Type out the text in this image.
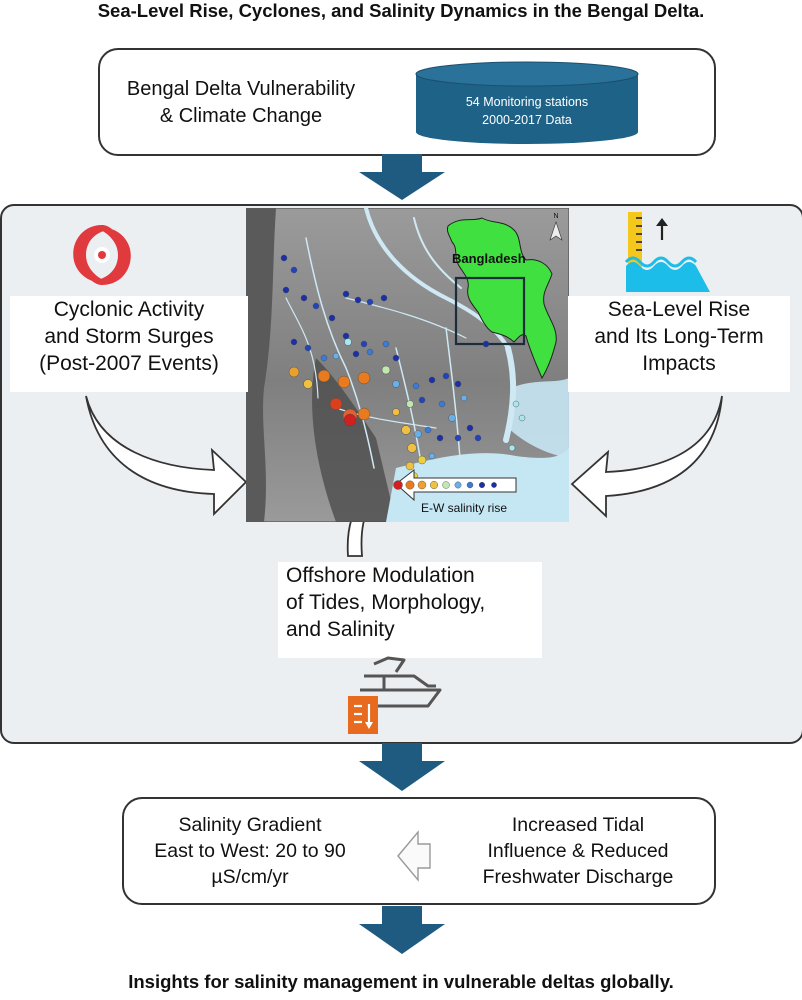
Sea-Level Rise, Cyclones, and Salinity Dynamics in the Bengal Delta.
Bengal Delta Vulnerability
& Climate Change
54 Monitoring stations
2000-2017 Data
Bangladesh
N
E-W salinity rise
Cyclonic Activity
and Storm Surges
(Post-2007 Events)
Sea-Level Rise
and Its Long-Term
Impacts
Offshore Modulation
of Tides, Morphology,
and Salinity
Salinity Gradient
East to West: 20 to 90
µS/cm/yr
Increased Tidal
Influence & Reduced
Freshwater Discharge
Insights for salinity management in vulnerable deltas globally.
